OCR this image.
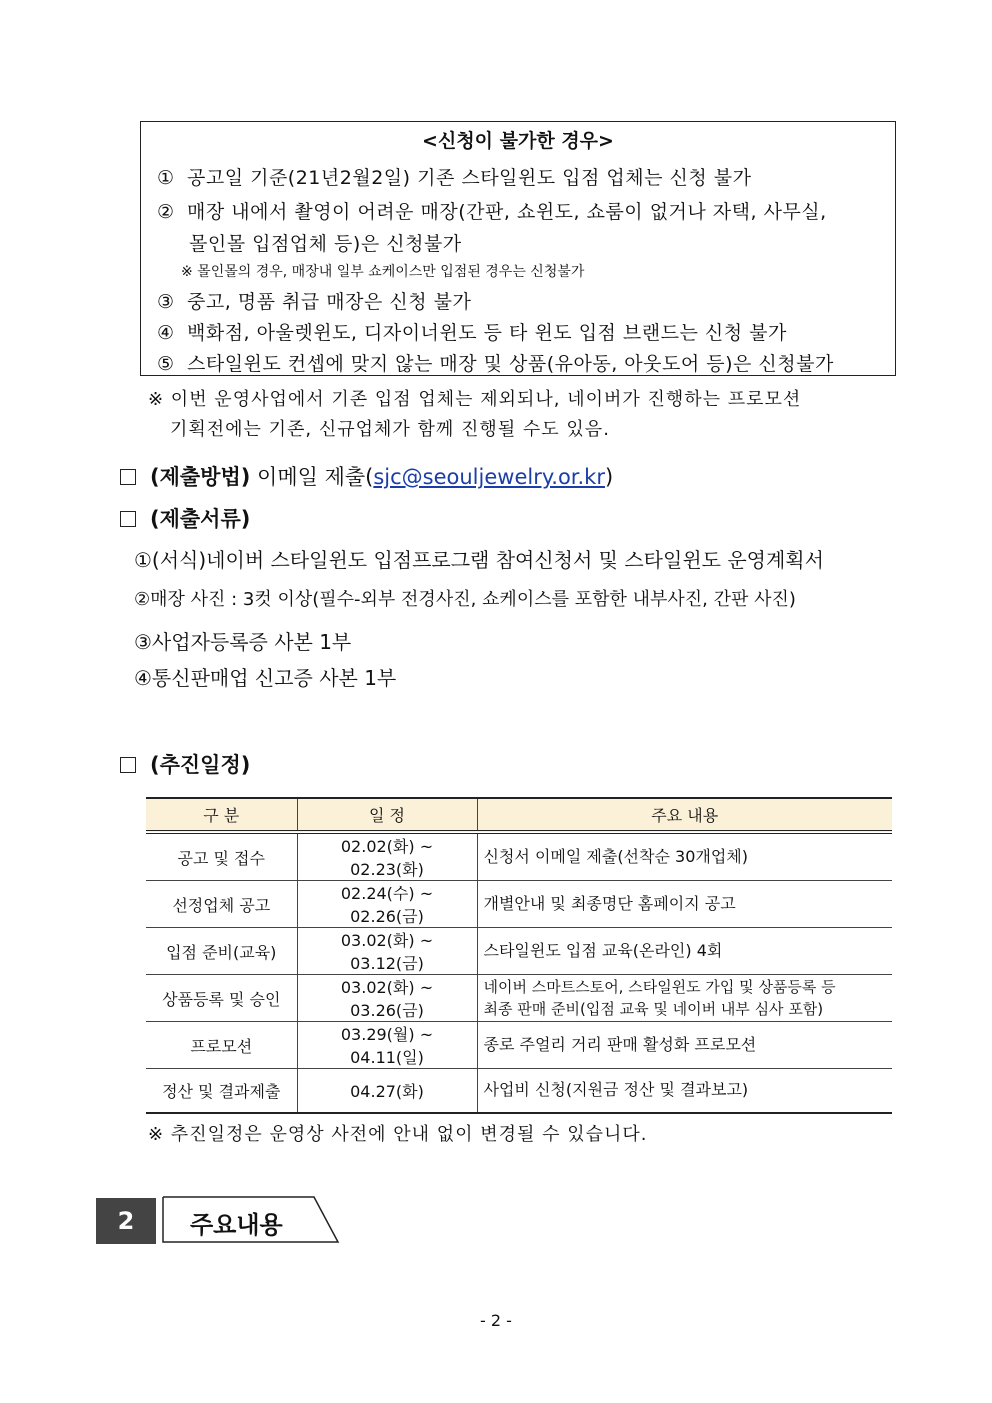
<신청이 불가한 경우>
① 공고일 기준(21년2월2일) 기존 스타일윈도 입점 업체는 신청 불가
② 매장 내에서 촬영이 어려운 매장(간판, 쇼윈도, 쇼룸이 없거나 자택, 사무실,
몰인몰 입점업체 등)은 신청불가
※ 몰인몰의 경우, 매장내 일부 쇼케이스만 입점된 경우는 신청불가
③ 중고, 명품 취급 매장은 신청 불가
④ 백화점, 아울렛윈도, 디자이너윈도 등 타 윈도 입점 브랜드는 신청 불가
⑤ 스타일윈도 컨셉에 맞지 않는 매장 및 상품(유아동, 아웃도어 등)은 신청불가
※ 이번 운영사업에서 기존 입점 업체는 제외되나, 네이버가 진행하는 프로모션
기획전에는 기존, 신규업체가 함께 진행될 수도 있음.
(제출방법) 이메일 제출(sjc@seouljewelry.or.kr)
(제출서류)
①(서식)네이버 스타일윈도 입점프로그램 참여신청서 및 스타일윈도 운영계획서
②매장 사진 : 3컷 이상(필수-외부 전경사진, 쇼케이스를 포함한 내부사진, 간판 사진)
③사업자등록증 사본 1부
④통신판매업 신고증 사본 1부
(추진일정)
구 분	일 정	주요 내용
공고 및 접수	02.02(화) ~ 02.23(화)	신청서 이메일 제출(선착순 30개업체)
선정업체 공고	02.24(수) ~ 02.26(금)	개별안내 및 최종명단 홈페이지 공고
입점 준비(교육)	03.02(화) ~ 03.12(금)	스타일윈도 입점 교육(온라인) 4회
상품등록 및 승인	03.02(화) ~ 03.26(금)	네이버 스마트스토어, 스타일윈도 가입 및 상품등록 등
최종 판매 준비(입점 교육 및 네이버 내부 심사 포함)

프로모션	03.29(월) ~ 04.11(일)	종로 주얼리 거리 판매 활성화 프로모션
정산 및 결과제출	04.27(화)	사업비 신청(지원금 정산 및 결과보고)
※ 추진일정은 운영상 사전에 안내 없이 변경될 수 있습니다.
2	주요내용
- 2 -
